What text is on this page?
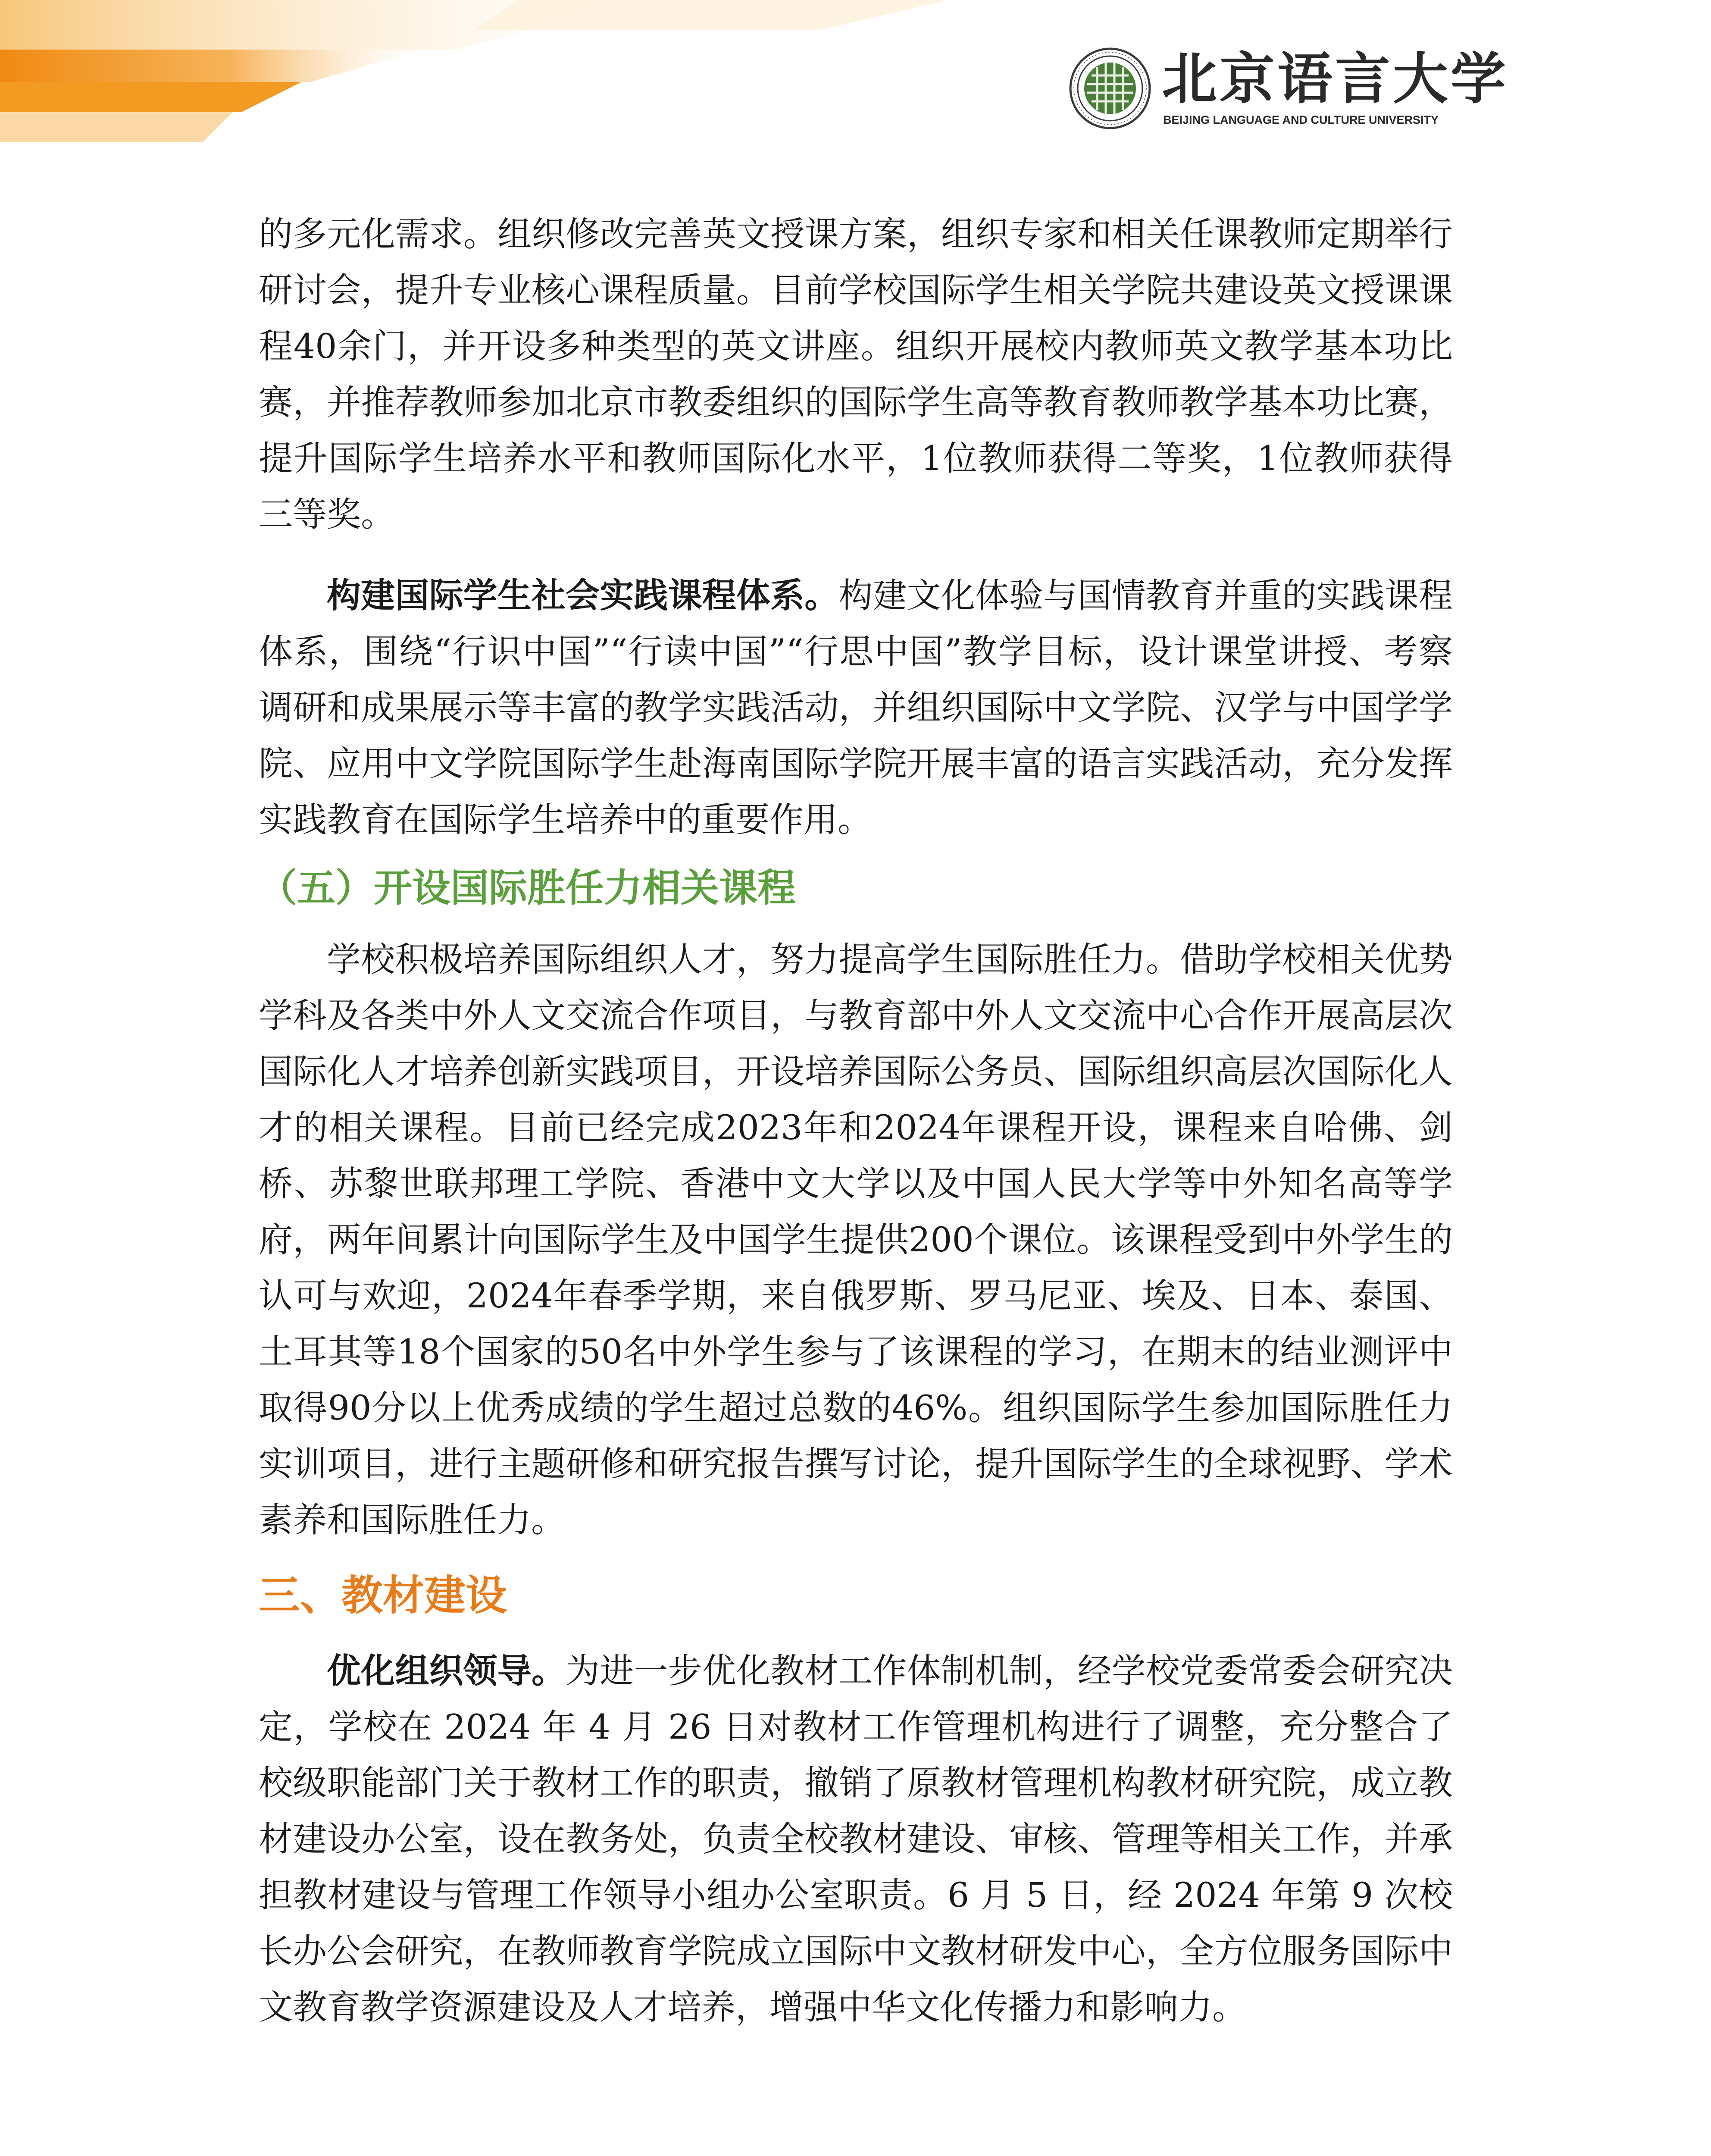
北京语言大学
BEIJING LANGUAGE AND CULTURE UNIVERSITY

的多元化需求。组织修改完善英文授课方案，组织专家和相关任课教师定期举行研讨会，提升专业核心课程质量。目前学校国际学生相关学院共建设英文授课课程40余门，并开设多种类型的英文讲座。组织开展校内教师英文教学基本功比赛，并推荐教师参加北京市教委组织的国际学生高等教育教师教学基本功比赛，提升国际学生培养水平和教师国际化水平，1位教师获得二等奖，1位教师获得三等奖。

构建国际学生社会实践课程体系。构建文化体验与国情教育并重的实践课程体系，围绕“行识中国”“行读中国”“行思中国”教学目标，设计课堂讲授、考察调研和成果展示等丰富的教学实践活动，并组织国际中文学院、汉学与中国学学院、应用中文学院国际学生赴海南国际学院开展丰富的语言实践活动，充分发挥实践教育在国际学生培养中的重要作用。

（五）开设国际胜任力相关课程

学校积极培养国际组织人才，努力提高学生国际胜任力。借助学校相关优势学科及各类中外人文交流合作项目，与教育部中外人文交流中心合作开展高层次国际化人才培养创新实践项目，开设培养国际公务员、国际组织高层次国际化人才的相关课程。目前已经完成2023年和2024年课程开设，课程来自哈佛、剑桥、苏黎世联邦理工学院、香港中文大学以及中国人民大学等中外知名高等学府，两年间累计向国际学生及中国学生提供200个课位。该课程受到中外学生的认可与欢迎，2024年春季学期，来自俄罗斯、罗马尼亚、埃及、日本、泰国、土耳其等18个国家的50名中外学生参与了该课程的学习，在期末的结业测评中取得90分以上优秀成绩的学生超过总数的46%。组织国际学生参加国际胜任力实训项目，进行主题研修和研究报告撰写讨论，提升国际学生的全球视野、学术素养和国际胜任力。

三、教材建设

优化组织领导。为进一步优化教材工作体制机制，经学校党委常委会研究决定，学校在 2024 年 4 月 26 日对教材工作管理机构进行了调整，充分整合了校级职能部门关于教材工作的职责，撤销了原教材管理机构教材研究院，成立教材建设办公室，设在教务处，负责全校教材建设、审核、管理等相关工作，并承担教材建设与管理工作领导小组办公室职责。6 月 5 日，经 2024 年第 9 次校长办公会研究，在教师教育学院成立国际中文教材研发中心，全方位服务国际中文教育教学资源建设及人才培养，增强中华文化传播力和影响力。
